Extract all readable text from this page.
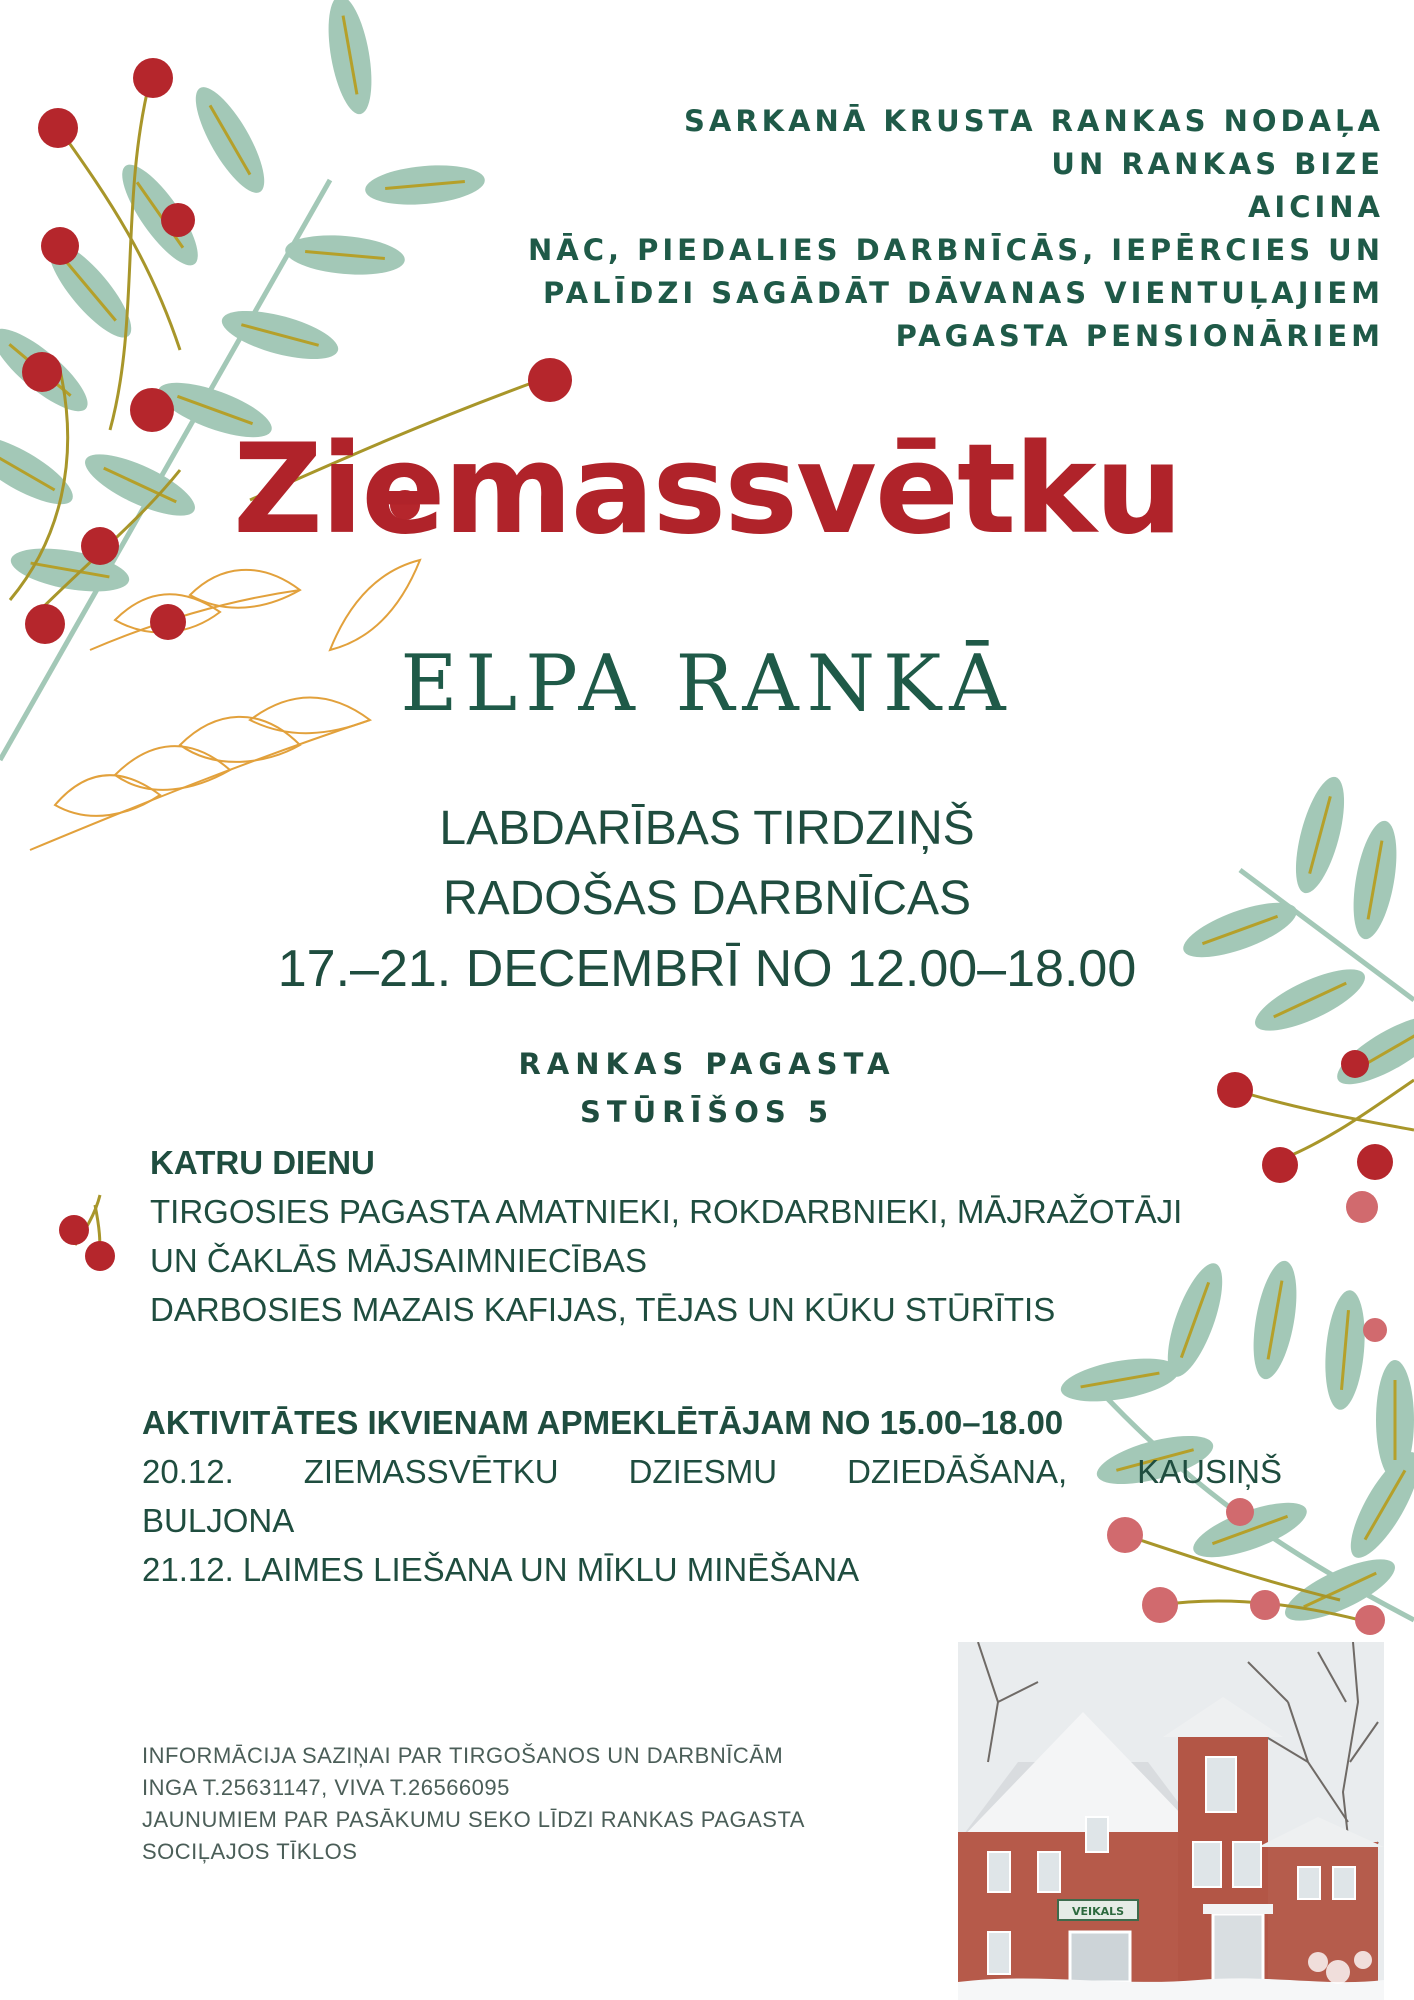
SARKANĀ KRUSTA RANKAS NODAĻA
UN RANKAS BIZE
AICINA
NĀC, PIEDALIES DARBNĪCĀS, IEPĒRCIES UN
PALĪDZI SAGĀDĀT DĀVANAS VIENTUĻAJIEM
PAGASTA PENSIONĀRIEM
Ziemassvētku
ELPA RANKĀ
LABDARĪBAS TIRDZIŅŠ
RADOŠAS DARBNĪCAS
17.–21. DECEMBRĪ NO 12.00–18.00
RANKAS PAGASTA
STŪRĪŠOS 5
KATRU DIENU
TIRGOSIES PAGASTA AMATNIEKI, ROKDARBNIEKI, MĀJRAŽOTĀJI
UN ČAKLĀS MĀJSAIMNIECĪBAS
DARBOSIES MAZAIS KAFIJAS, TĒJAS UN KŪKU STŪRĪTIS
AKTIVITĀTES IKVIENAM APMEKLĒTĀJAM NO 15.00–18.00
20.12. ZIEMASSVĒTKU DZIESMU DZIEDĀŠANA, KAUSIŅŠ
BULJONA
21.12. LAIMES LIEŠANA UN MĪKLU MINĒŠANA
INFORMĀCIJA SAZIŅAI PAR TIRGOŠANOS UN DARBNĪCĀM
INGA T.25631147, VIVA T.26566095
JAUNUMIEM PAR PASĀKUMU SEKO LĪDZI RANKAS PAGASTA
SOCIĻAJOS TĪKLOS
VEIKALS
